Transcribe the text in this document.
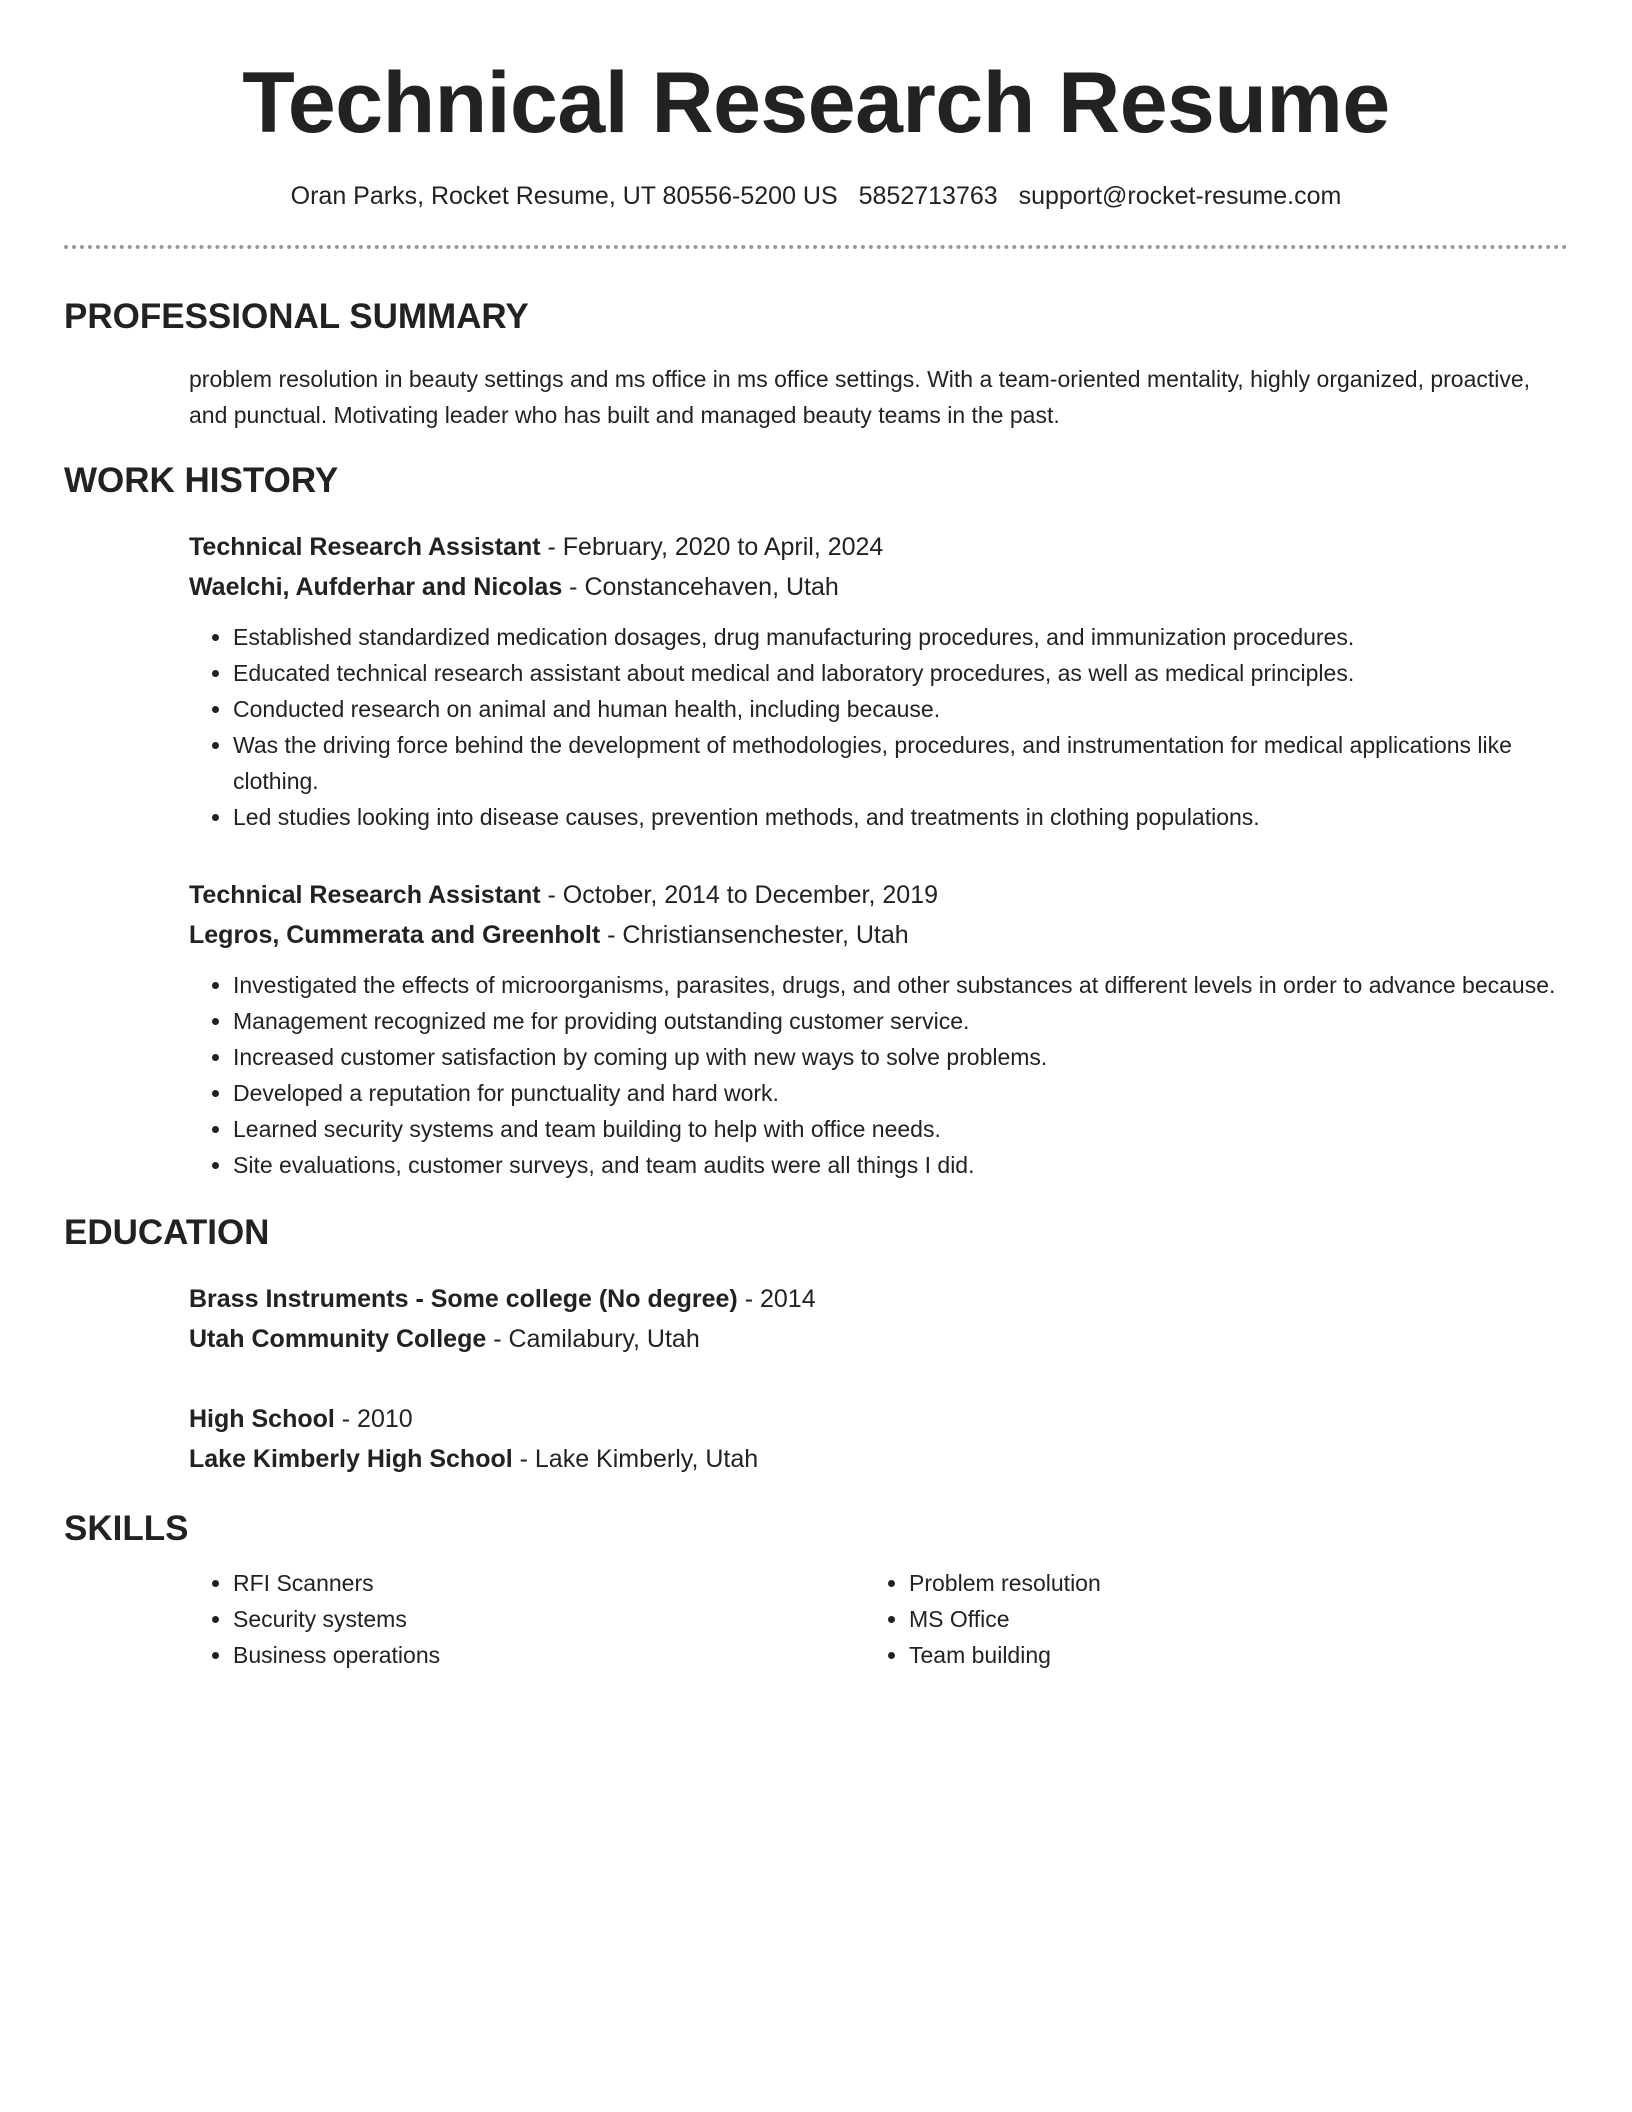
Technical Research Resume
Oran Parks, Rocket Resume, UT 80556-5200 US 5852713763 support@rocket-resume.com
PROFESSIONAL SUMMARY
problem resolution in beauty settings and ms office in ms office settings. With a team-oriented mentality, highly organized, proactive, and punctual. Motivating leader who has built and managed beauty teams in the past.
WORK HISTORY
Technical Research Assistant - February, 2020 to April, 2024
Waelchi, Aufderhar and Nicolas - Constancehaven, Utah
• Established standardized medication dosages, drug manufacturing procedures, and immunization procedures.
• Educated technical research assistant about medical and laboratory procedures, as well as medical principles.
• Conducted research on animal and human health, including because.
• Was the driving force behind the development of methodologies, procedures, and instrumentation for medical applications like clothing.
• Led studies looking into disease causes, prevention methods, and treatments in clothing populations.
Technical Research Assistant - October, 2014 to December, 2019
Legros, Cummerata and Greenholt - Christiansenchester, Utah
• Investigated the effects of microorganisms, parasites, drugs, and other substances at different levels in order to advance because.
• Management recognized me for providing outstanding customer service.
• Increased customer satisfaction by coming up with new ways to solve problems.
• Developed a reputation for punctuality and hard work.
• Learned security systems and team building to help with office needs.
• Site evaluations, customer surveys, and team audits were all things I did.
EDUCATION
Brass Instruments - Some college (No degree) - 2014
Utah Community College - Camilabury, Utah
High School - 2010
Lake Kimberly High School - Lake Kimberly, Utah
SKILLS
• RFI Scanners
• Security systems
• Business operations
• Problem resolution
• MS Office
• Team building
